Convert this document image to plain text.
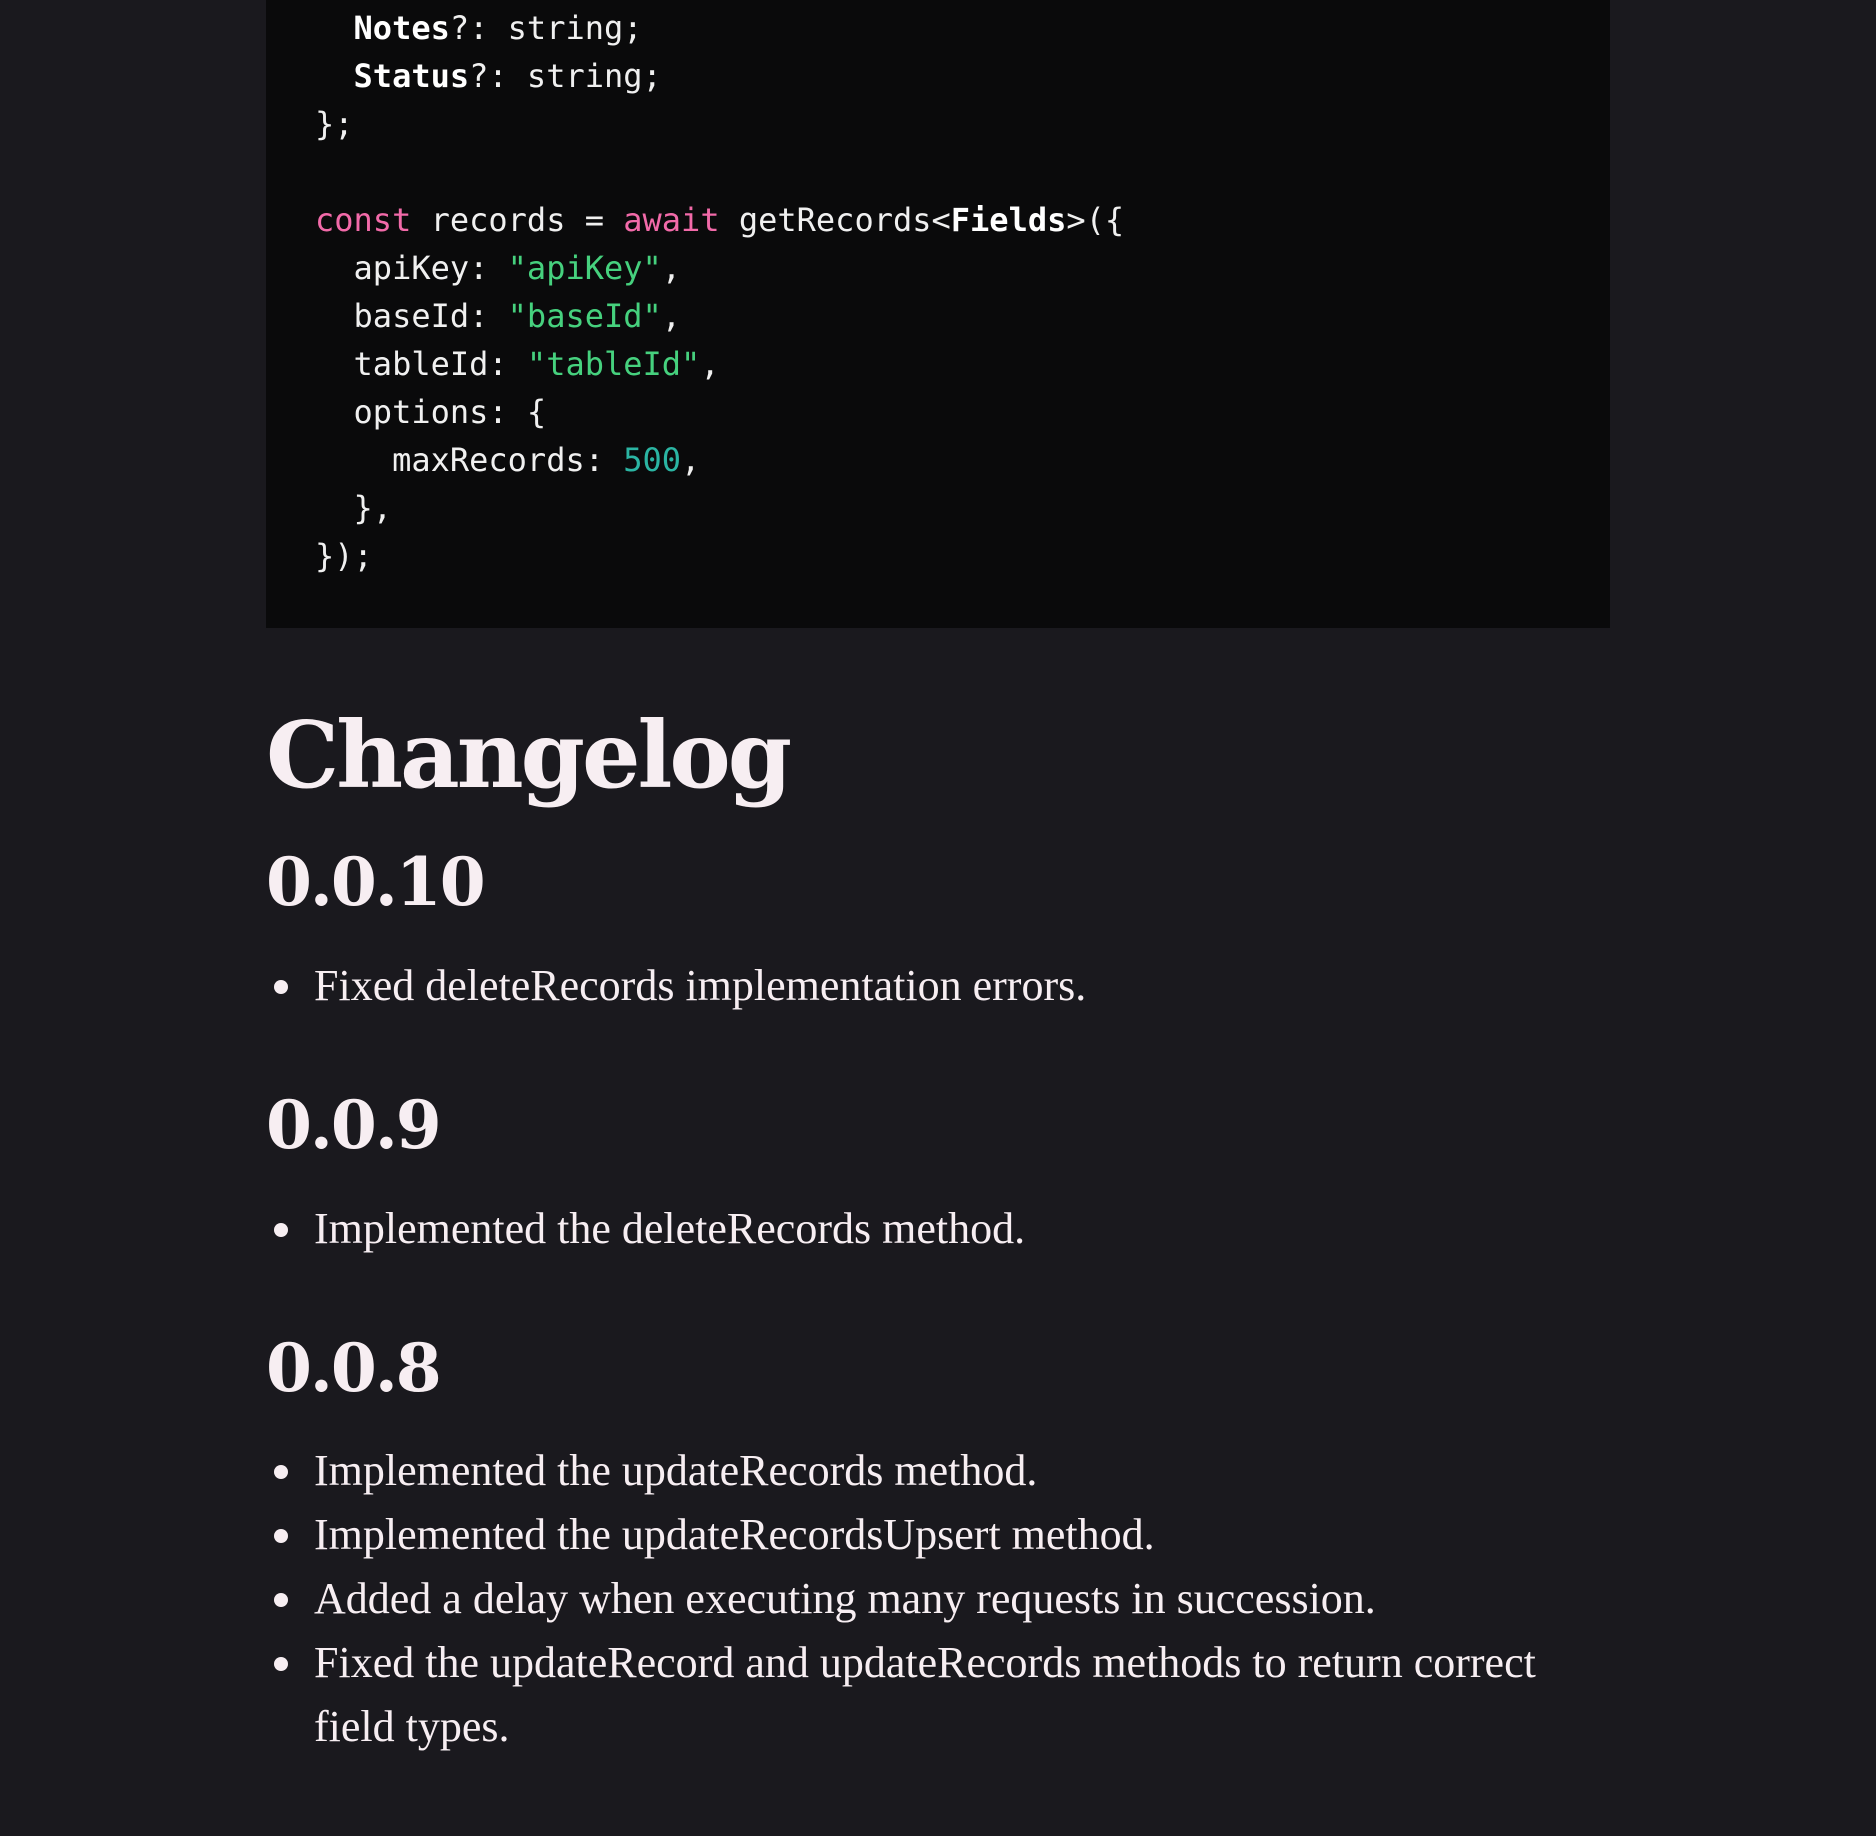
Notes?: string;
Status?: string;
};
const records = await getRecords<Fields>({
apiKey: "apiKey",
baseId: "baseId",
tableId: "tableId",
options: {
maxRecords: 500,
},
});
Changelog
0.0.10
Fixed deleteRecords implementation errors.
0.0.9
Implemented the deleteRecords method.
0.0.8
Implemented the updateRecords method.
Implemented the updateRecordsUpsert method.
Added a delay when executing many requests in succession.
Fixed the updateRecord and updateRecords methods to return correct field types.
